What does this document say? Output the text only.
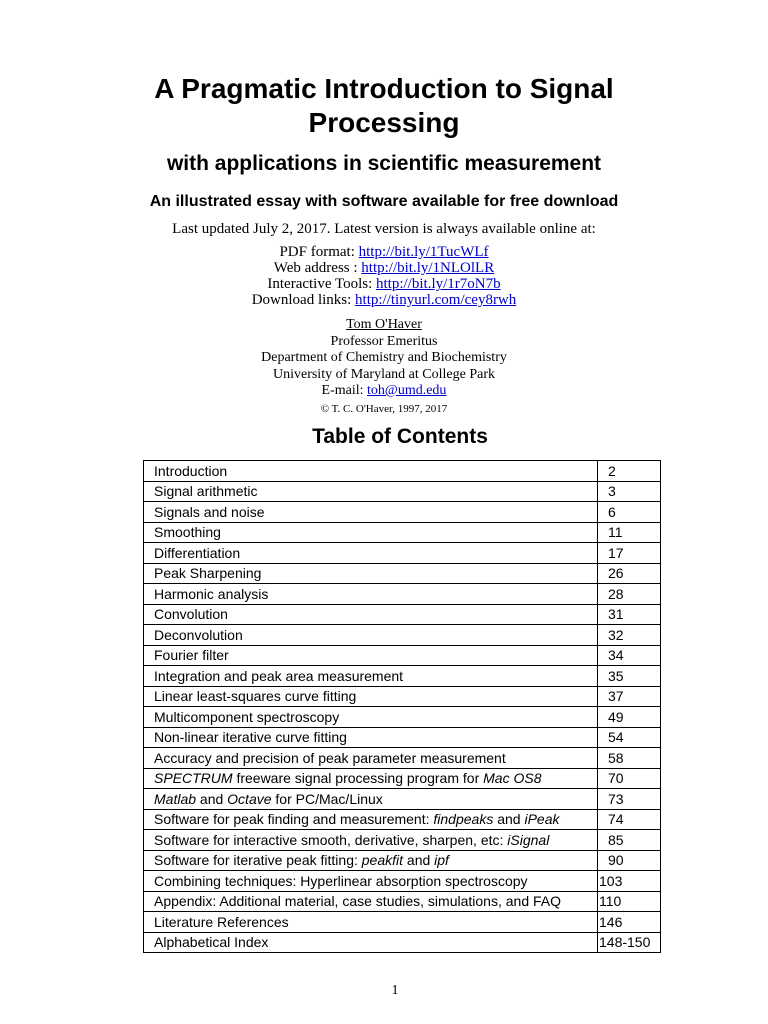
A Pragmatic Introduction to Signal
Processing
with applications in scientific measurement
An illustrated essay with software available for free download
Last updated July 2, 2017. Latest version is always available online at:
PDF format: http://bit.ly/1TucWLf
Web address : http://bit.ly/1NLOlLR
Interactive Tools: http://bit.ly/1r7oN7b
Download links: http://tinyurl.com/cey8rwh
Tom O'Haver
Professor Emeritus
Department of Chemistry and Biochemistry
University of Maryland at College Park
E-mail: toh@umd.edu
© T. C. O'Haver, 1997, 2017
Table of Contents
Introduction	2
Signal arithmetic	3
Signals and noise	6
Smoothing	11
Differentiation	17
Peak Sharpening	26
Harmonic analysis	28
Convolution	31
Deconvolution	32
Fourier filter	34
Integration and peak area measurement	35
Linear least-squares curve fitting	37
Multicomponent spectroscopy	49
Non-linear iterative curve fitting	54
Accuracy and precision of peak parameter measurement	58
SPECTRUM freeware signal processing program for Mac OS8	70
Matlab and Octave for PC/Mac/Linux	73
Software for peak finding and measurement: findpeaks and iPeak	74
Software for interactive smooth, derivative, sharpen, etc: iSignal	85
Software for iterative peak fitting: peakfit and ipf	90
Combining techniques: Hyperlinear absorption spectroscopy	103
Appendix: Additional material, case studies, simulations, and FAQ	110
Literature References	146
Alphabetical Index	148-150
1
